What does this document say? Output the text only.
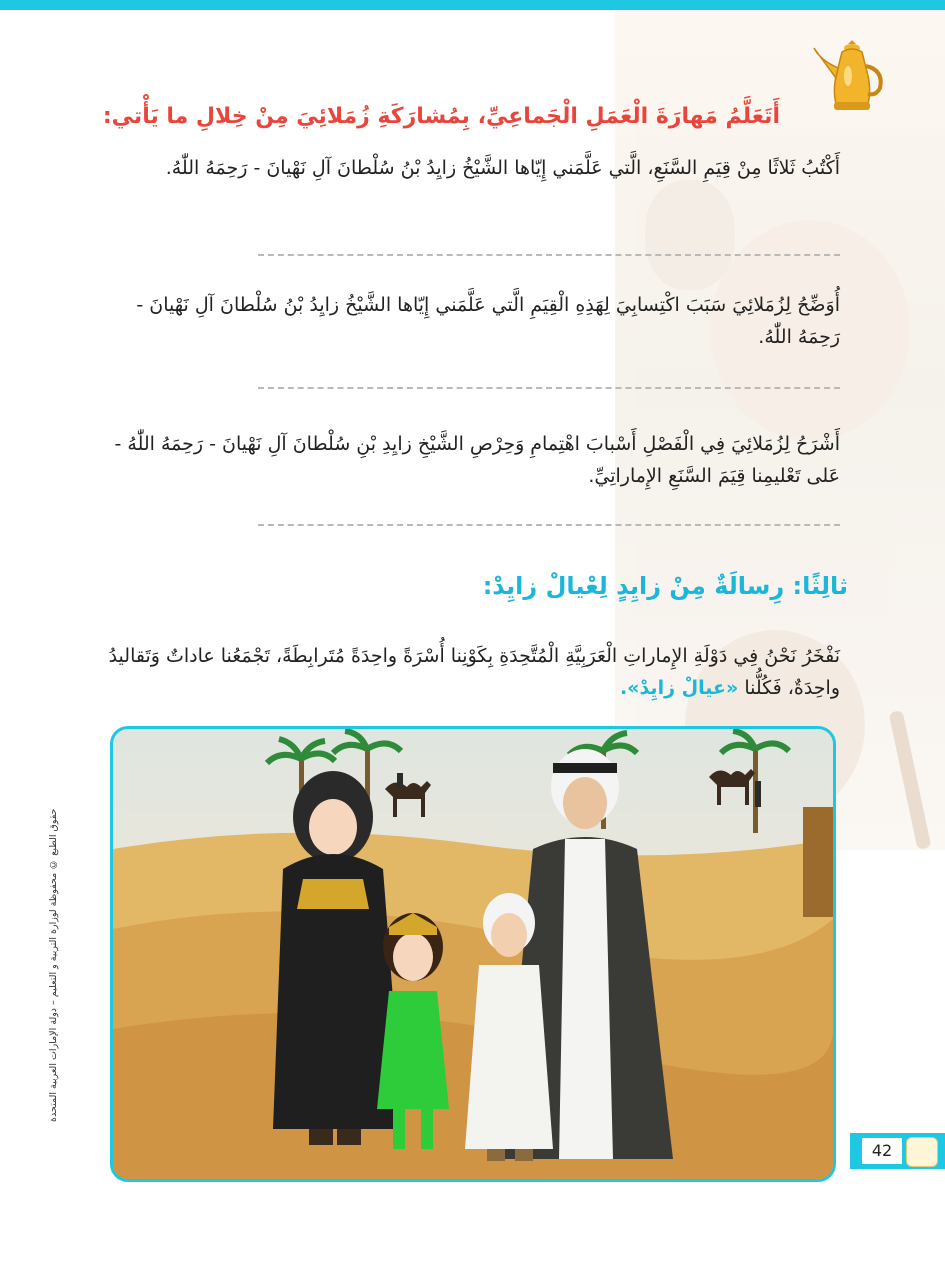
أَتَعَلَّمُ مَهارَةَ الْعَمَلِ الْجَماعِيِّ، بِمُشارَكَةِ زُمَلائِيَ مِنْ خِلالِ ما يَأْتي:

أَكْتُبُ ثَلاثًا مِنْ قِيَمِ السَّنَعِ، الَّتي عَلَّمَني إِيّاها الشَّيْخُ زايِدُ بْنُ سُلْطانَ آلِ نَهْيانَ - رَحِمَهُ اللّٰهُ.

أُوَضِّحُ لِزُمَلائِيَ سَبَبَ اكْتِسابِيَ لِهَذِهِ الْقِيَمِ الَّتي عَلَّمَني إِيّاها الشَّيْخُ زايِدُ بْنُ سُلْطانَ آلِ نَهْيانَ - رَحِمَهُ اللّٰهُ.

أَشْرَحُ لِزُمَلائِيَ فِي الْفَصْلِ أَسْبابَ اهْتِمامِ وَحِرْصِ الشَّيْخِ زايِدِ بْنِ سُلْطانَ آلِ نَهْيانَ - رَحِمَهُ اللّٰهُ - عَلى تَعْليمِنا قِيَمَ السَّنَعِ الإِماراتِيِّ.

ثالِثًا: رِسالَةٌ مِنْ زايِدٍ لِعْيالْ زايِدْ:

نَفْخَرُ نَحْنُ فِي دَوْلَةِ الإِماراتِ الْعَرَبِيَّةِ الْمُتَّحِدَةِ بِكَوْنِنا أُسْرَةً واحِدَةً مُتَرابِطَةً، تَجْمَعُنا عاداتٌ وَتَقاليدُ واحِدَةٌ، فَكُلُّنا «عيالْ زايِدْ».

حقوق الطبع © محفوظة لوزارة التربية و التعليم – دولة الإمارات العربية المتحدة
42
